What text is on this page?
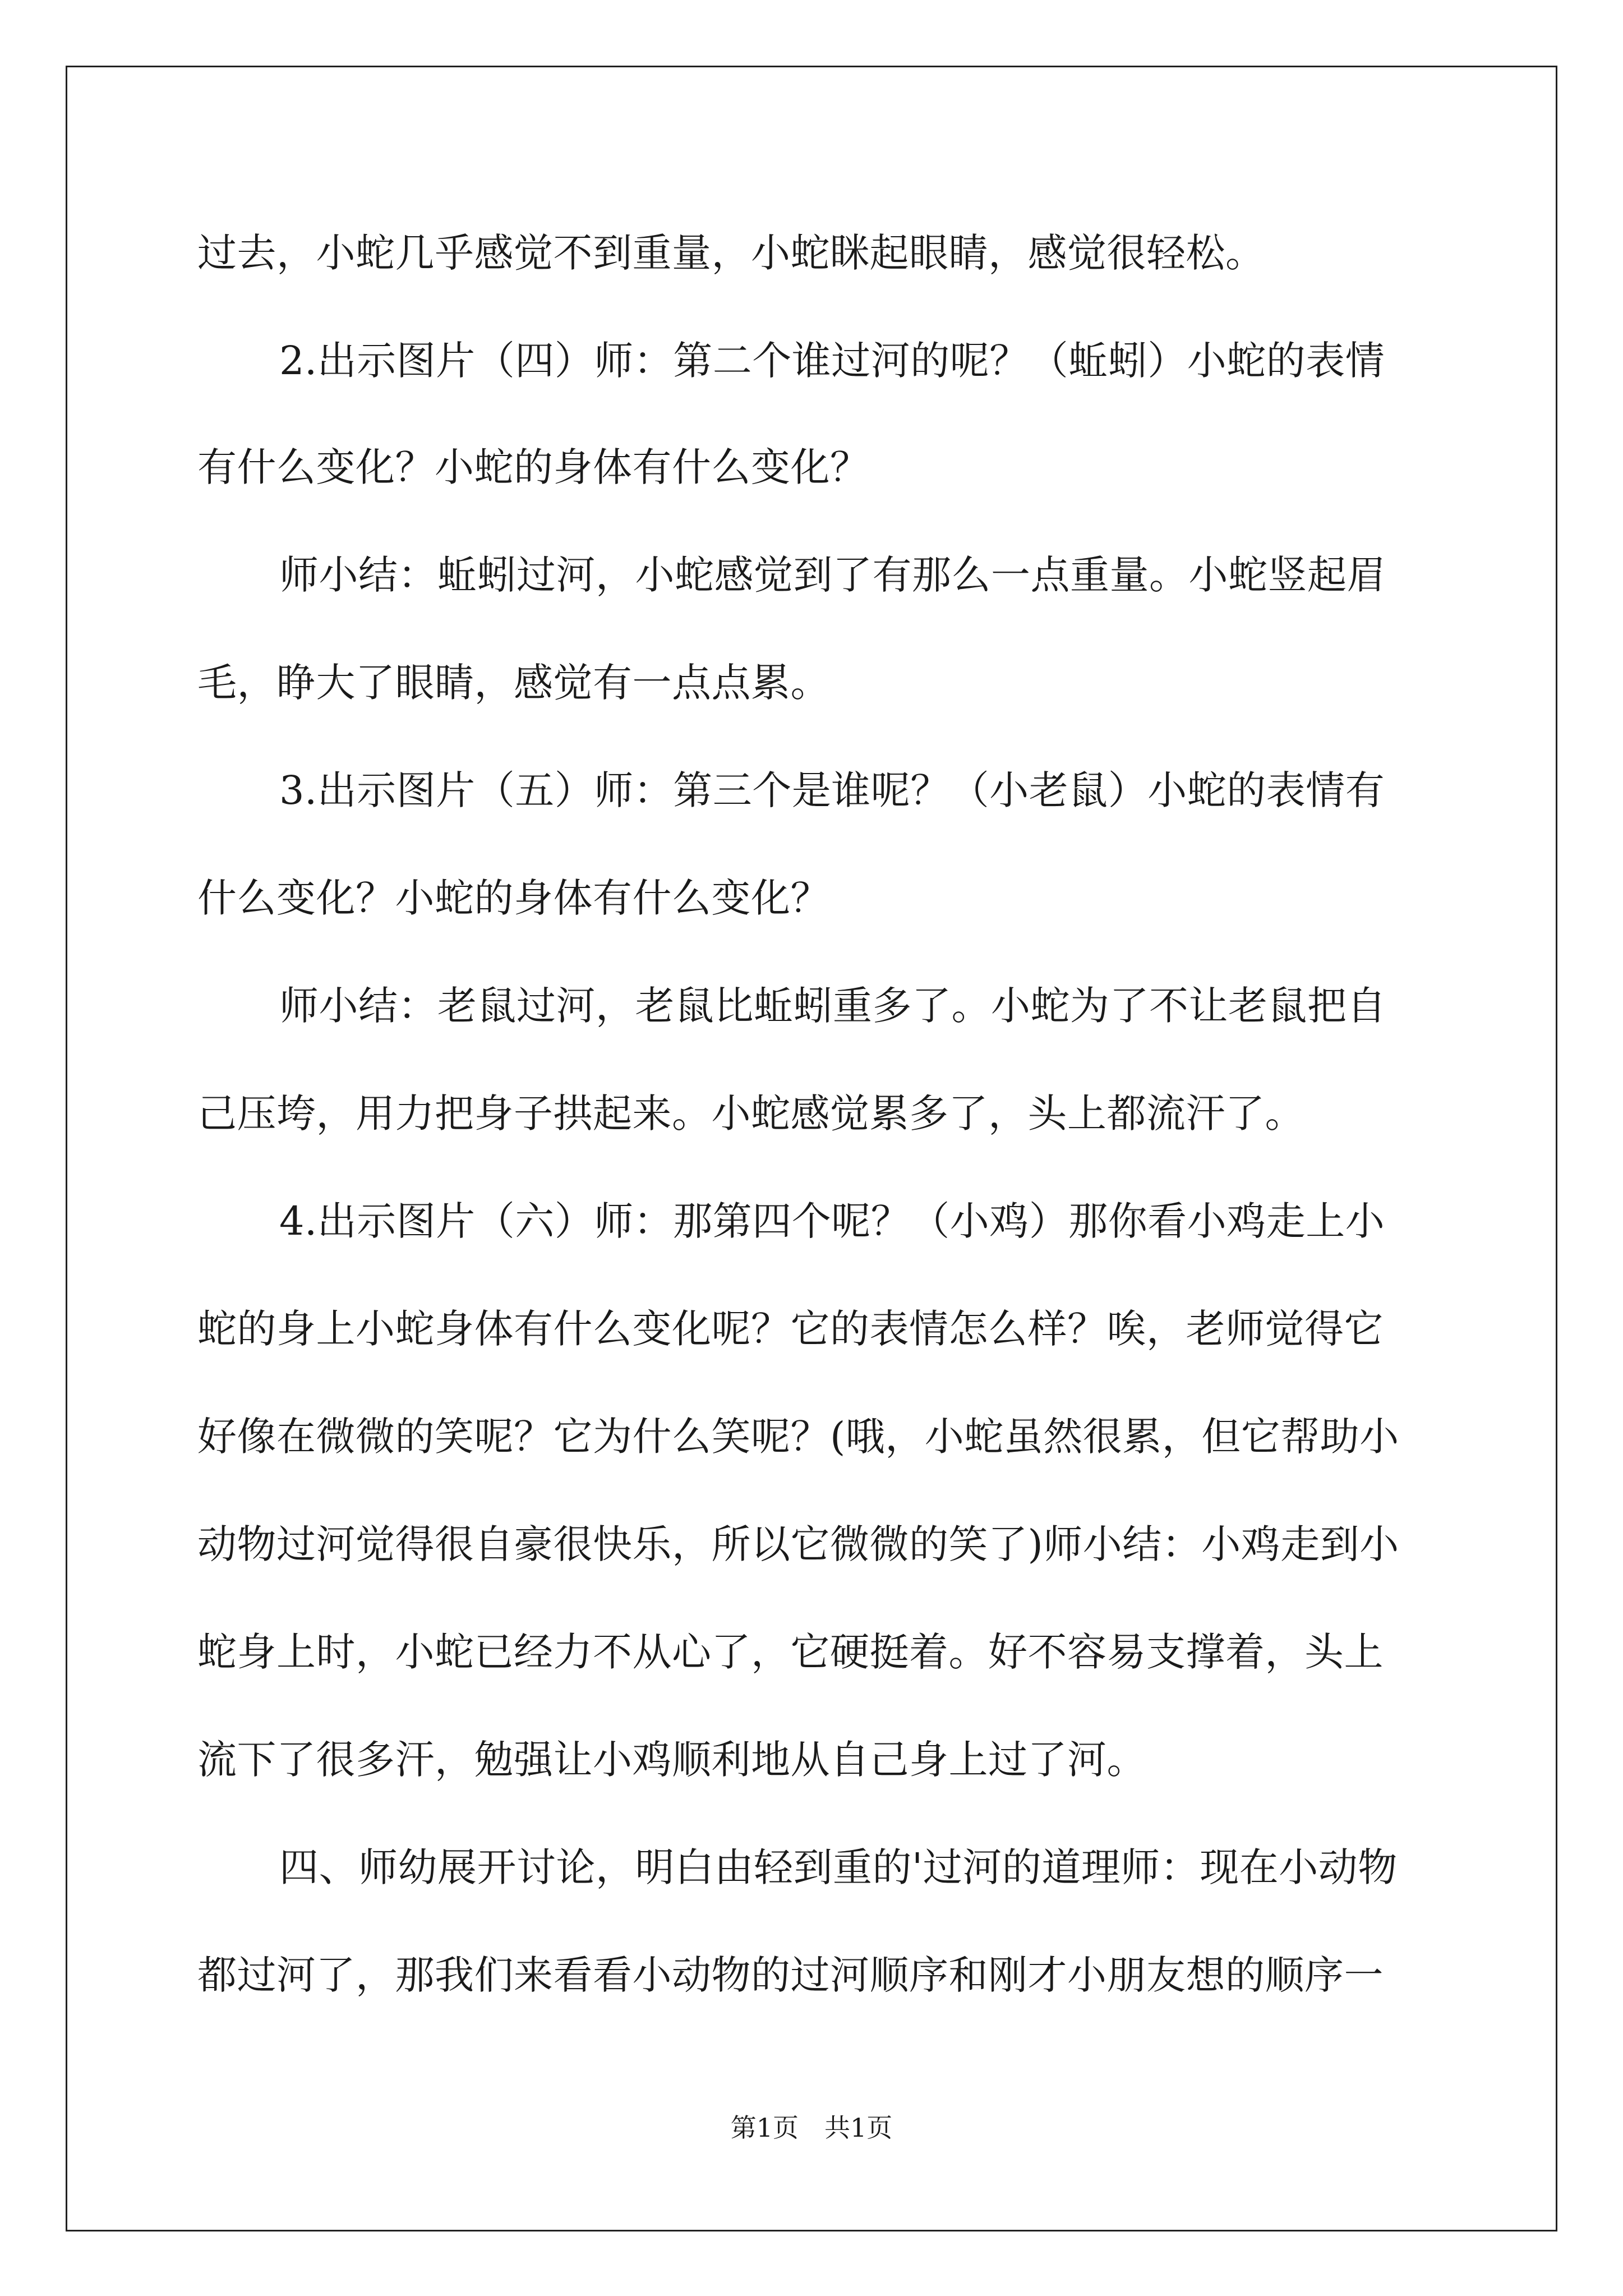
过去，小蛇几乎感觉不到重量，小蛇眯起眼睛，感觉很轻松。
2.出示图片（四）师：第二个谁过河的呢？（蚯蚓）小蛇的表情
有什么变化？小蛇的身体有什么变化？
师小结：蚯蚓过河，小蛇感觉到了有那么一点重量。小蛇竖起眉
毛，睁大了眼睛，感觉有一点点累。
3.出示图片（五）师：第三个是谁呢？（小老鼠）小蛇的表情有
什么变化？小蛇的身体有什么变化？
师小结：老鼠过河，老鼠比蚯蚓重多了。小蛇为了不让老鼠把自
己压垮，用力把身子拱起来。小蛇感觉累多了，头上都流汗了。
4.出示图片（六）师：那第四个呢？（小鸡）那你看小鸡走上小
蛇的身上小蛇身体有什么变化呢？它的表情怎么样？唉，老师觉得它
好像在微微的笑呢？它为什么笑呢？(哦，小蛇虽然很累，但它帮助小
动物过河觉得很自豪很快乐，所以它微微的笑了)师小结：小鸡走到小
蛇身上时，小蛇已经力不从心了，它硬挺着。好不容易支撑着，头上
流下了很多汗，勉强让小鸡顺利地从自己身上过了河。
四、师幼展开讨论，明白由轻到重的'过河的道理师：现在小动物
都过河了，那我们来看看小动物的过河顺序和刚才小朋友想的顺序一
第1页　共1页
